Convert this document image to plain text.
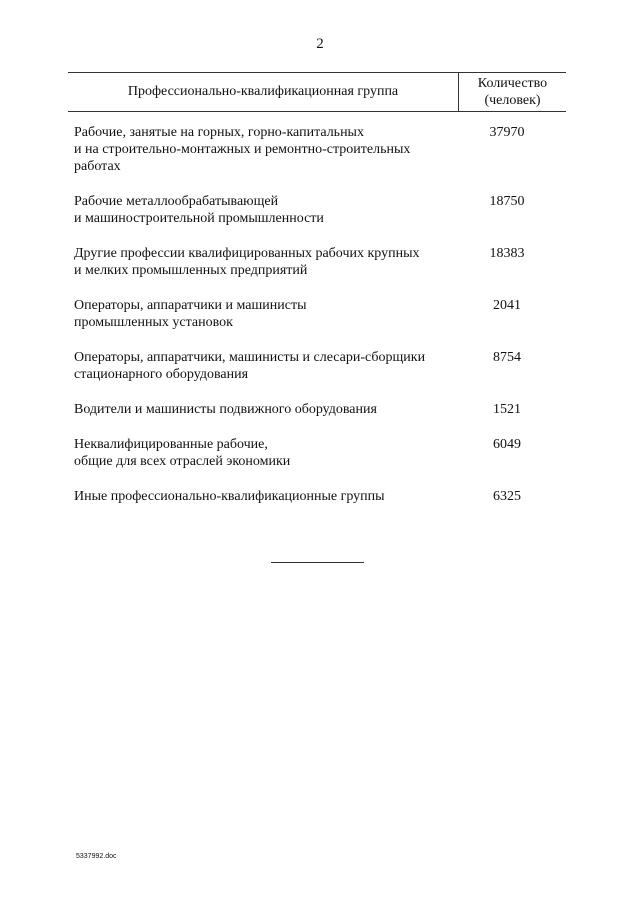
2
Профессионально-квалификационная группа
Количество
(человек)
Рабочие, занятые на горных, горно-капитальных
и на строительно-монтажных и ремонтно-строительных
работах
37970
Рабочие металлообрабатывающей
и машиностроительной промышленности
18750
Другие профессии квалифицированных рабочих крупных
и мелких промышленных предприятий
18383
Операторы, аппаратчики и машинисты
промышленных установок
2041
Операторы, аппаратчики, машинисты и слесари-сборщики
стационарного оборудования
8754
Водители и машинисты подвижного оборудования	1521
Неквалифицированные рабочие,
общие для всех отраслей экономики
6049
Иные профессионально-квалификационные группы	6325
5337992.doc
